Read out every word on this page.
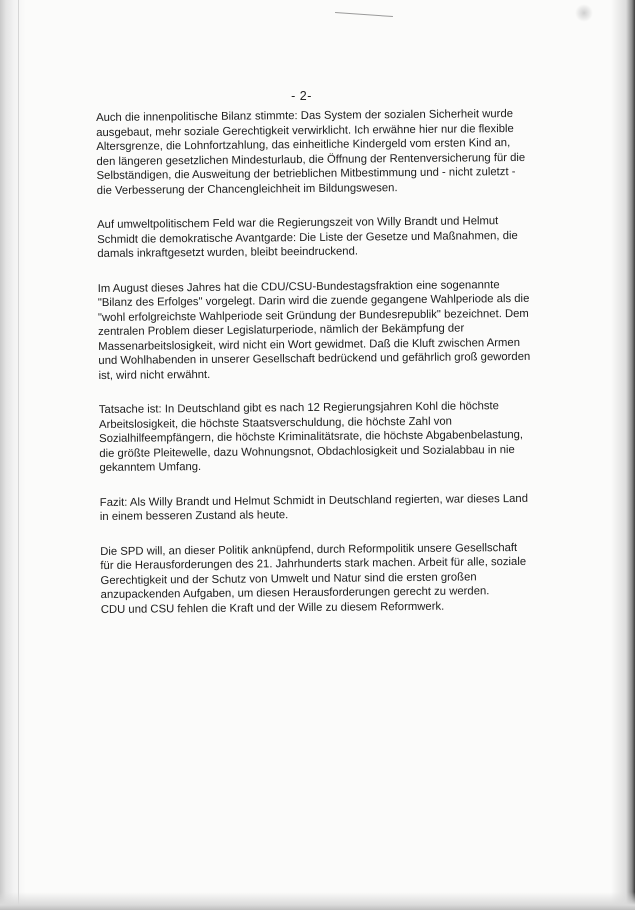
- 2-

Auch die innenpolitische Bilanz stimmte: Das System der sozialen Sicherheit wurde ausgebaut, mehr soziale Gerechtigkeit verwirklicht. Ich erwähne hier nur die flexible Altersgrenze, die Lohnfortzahlung, das einheitliche Kindergeld vom ersten Kind an, den längeren gesetzlichen Mindesturlaub, die Öffnung der Rentenversicherung für die Selbständigen, die Ausweitung der betrieblichen Mitbestimmung und - nicht zuletzt - die Verbesserung der Chancengleichheit im Bildungswesen.

Auf umweltpolitischem Feld war die Regierungszeit von Willy Brandt und Helmut Schmidt die demokratische Avantgarde: Die Liste der Gesetze und Maßnahmen, die damals inkraftgesetzt wurden, bleibt beeindruckend.

Im August dieses Jahres hat die CDU/CSU-Bundestagsfraktion eine sogenannte "Bilanz des Erfolges" vorgelegt. Darin wird die zuende gegangene Wahlperiode als die "wohl erfolgreichste Wahlperiode seit Gründung der Bundesrepublik" bezeichnet. Dem zentralen Problem dieser Legislaturperiode, nämlich der Bekämpfung der Massenarbeitslosigkeit, wird nicht ein Wort gewidmet. Daß die Kluft zwischen Armen und Wohlhabenden in unserer Gesellschaft bedrückend und gefährlich groß geworden ist, wird nicht erwähnt.

Tatsache ist: In Deutschland gibt es nach 12 Regierungsjahren Kohl die höchste Arbeitslosigkeit, die höchste Staatsverschuldung, die höchste Zahl von Sozialhilfeempfängern, die höchste Kriminalitätsrate, die höchste Abgabenbelastung, die größte Pleitewelle, dazu Wohnungsnot, Obdachlosigkeit und Sozialabbau in nie gekanntem Umfang.

Fazit: Als Willy Brandt und Helmut Schmidt in Deutschland regierten, war dieses Land in einem besseren Zustand als heute.

Die SPD will, an dieser Politik anknüpfend, durch Reformpolitik unsere Gesellschaft für die Herausforderungen des 21. Jahrhunderts stark machen. Arbeit für alle, soziale Gerechtigkeit und der Schutz von Umwelt und Natur sind die ersten großen anzupackenden Aufgaben, um diesen Herausforderungen gerecht zu werden.

CDU und CSU fehlen die Kraft und der Wille zu diesem Reformwerk.
